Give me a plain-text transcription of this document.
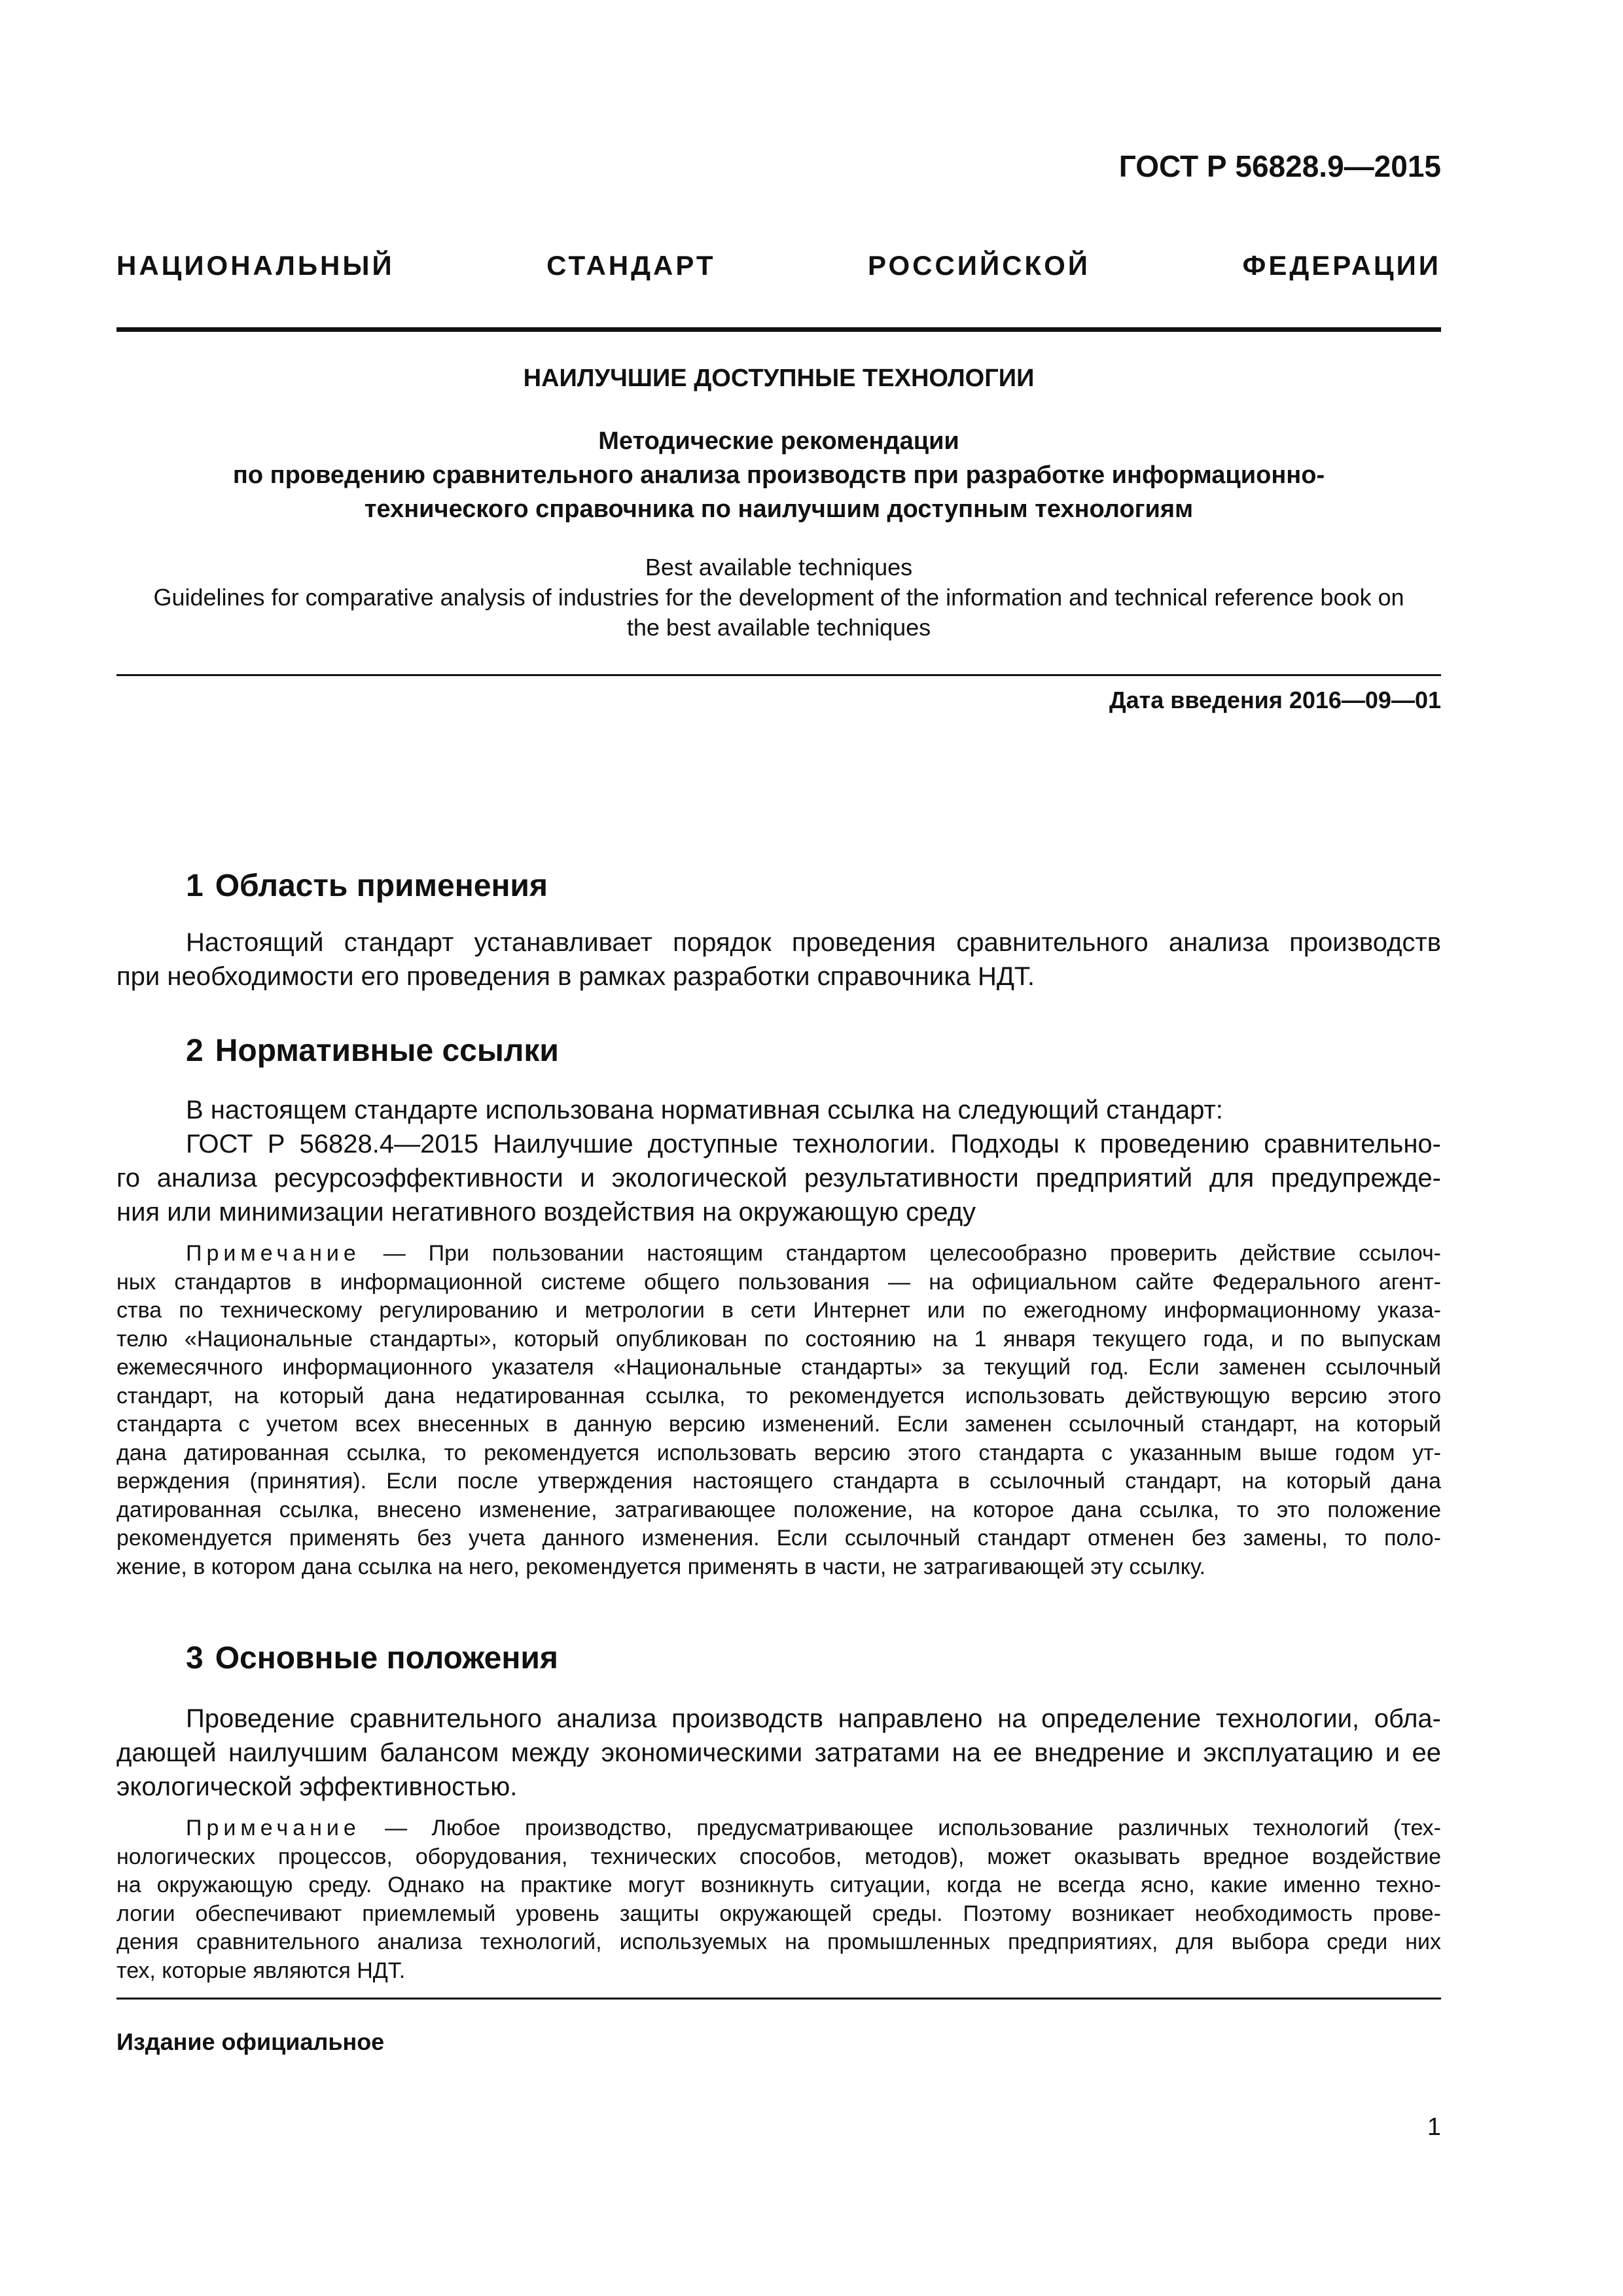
ГОСТ Р 56828.9—2015
НАЦИОНАЛЬНЫЙ СТАНДАРТ РОССИЙСКОЙ ФЕДЕРАЦИИ
НАИЛУЧШИЕ ДОСТУПНЫЕ ТЕХНОЛОГИИ
Методические рекомендации
по проведению сравнительного анализа производств при разработке информационно-
технического справочника по наилучшим доступным технологиям
Best available techniques
Guidelines for comparative analysis of industries for the development of the information and technical reference book on
the best available techniques
Дата введения 2016—09—01
1 Область применения
Настоящий стандарт устанавливает порядок проведения сравнительного анализа производств
при необходимости его проведения в рамках разработки справочника НДТ.
2 Нормативные ссылки
В настоящем стандарте использована нормативная ссылка на следующий стандарт:
ГОСТ Р 56828.4—2015 Наилучшие доступные технологии. Подходы к проведению сравнительно-
го анализа ресурсоэффективности и экологической результативности предприятий для предупрежде-
ния или минимизации негативного воздействия на окружающую среду
Примечание — При пользовании настоящим стандартом целесообразно проверить действие ссылоч-
ных стандартов в информационной системе общего пользования — на официальном сайте Федерального агент-
ства по техническому регулированию и метрологии в сети Интернет или по ежегодному информационному указа-
телю «Национальные стандарты», который опубликован по состоянию на 1 января текущего года, и по выпускам
ежемесячного информационного указателя «Национальные стандарты» за текущий год. Если заменен ссылочный
стандарт, на который дана недатированная ссылка, то рекомендуется использовать действующую версию этого
стандарта с учетом всех внесенных в данную версию изменений. Если заменен ссылочный стандарт, на который
дана датированная ссылка, то рекомендуется использовать версию этого стандарта с указанным выше годом ут-
верждения (принятия). Если после утверждения настоящего стандарта в ссылочный стандарт, на который дана
датированная ссылка, внесено изменение, затрагивающее положение, на которое дана ссылка, то это положение
рекомендуется применять без учета данного изменения. Если ссылочный стандарт отменен без замены, то поло-
жение, в котором дана ссылка на него, рекомендуется применять в части, не затрагивающей эту ссылку.
3 Основные положения
Проведение сравнительного анализа производств направлено на определение технологии, обла-
дающей наилучшим балансом между экономическими затратами на ее внедрение и эксплуатацию и ее
экологической эффективностью.
Примечание — Любое производство, предусматривающее использование различных технологий (тех-
нологических процессов, оборудования, технических способов, методов), может оказывать вредное воздействие
на окружающую среду. Однако на практике могут возникнуть ситуации, когда не всегда ясно, какие именно техно-
логии обеспечивают приемлемый уровень защиты окружающей среды. Поэтому возникает необходимость прове-
дения сравнительного анализа технологий, используемых на промышленных предприятиях, для выбора среди них
тех, которые являются НДТ.
Издание официальное
1
